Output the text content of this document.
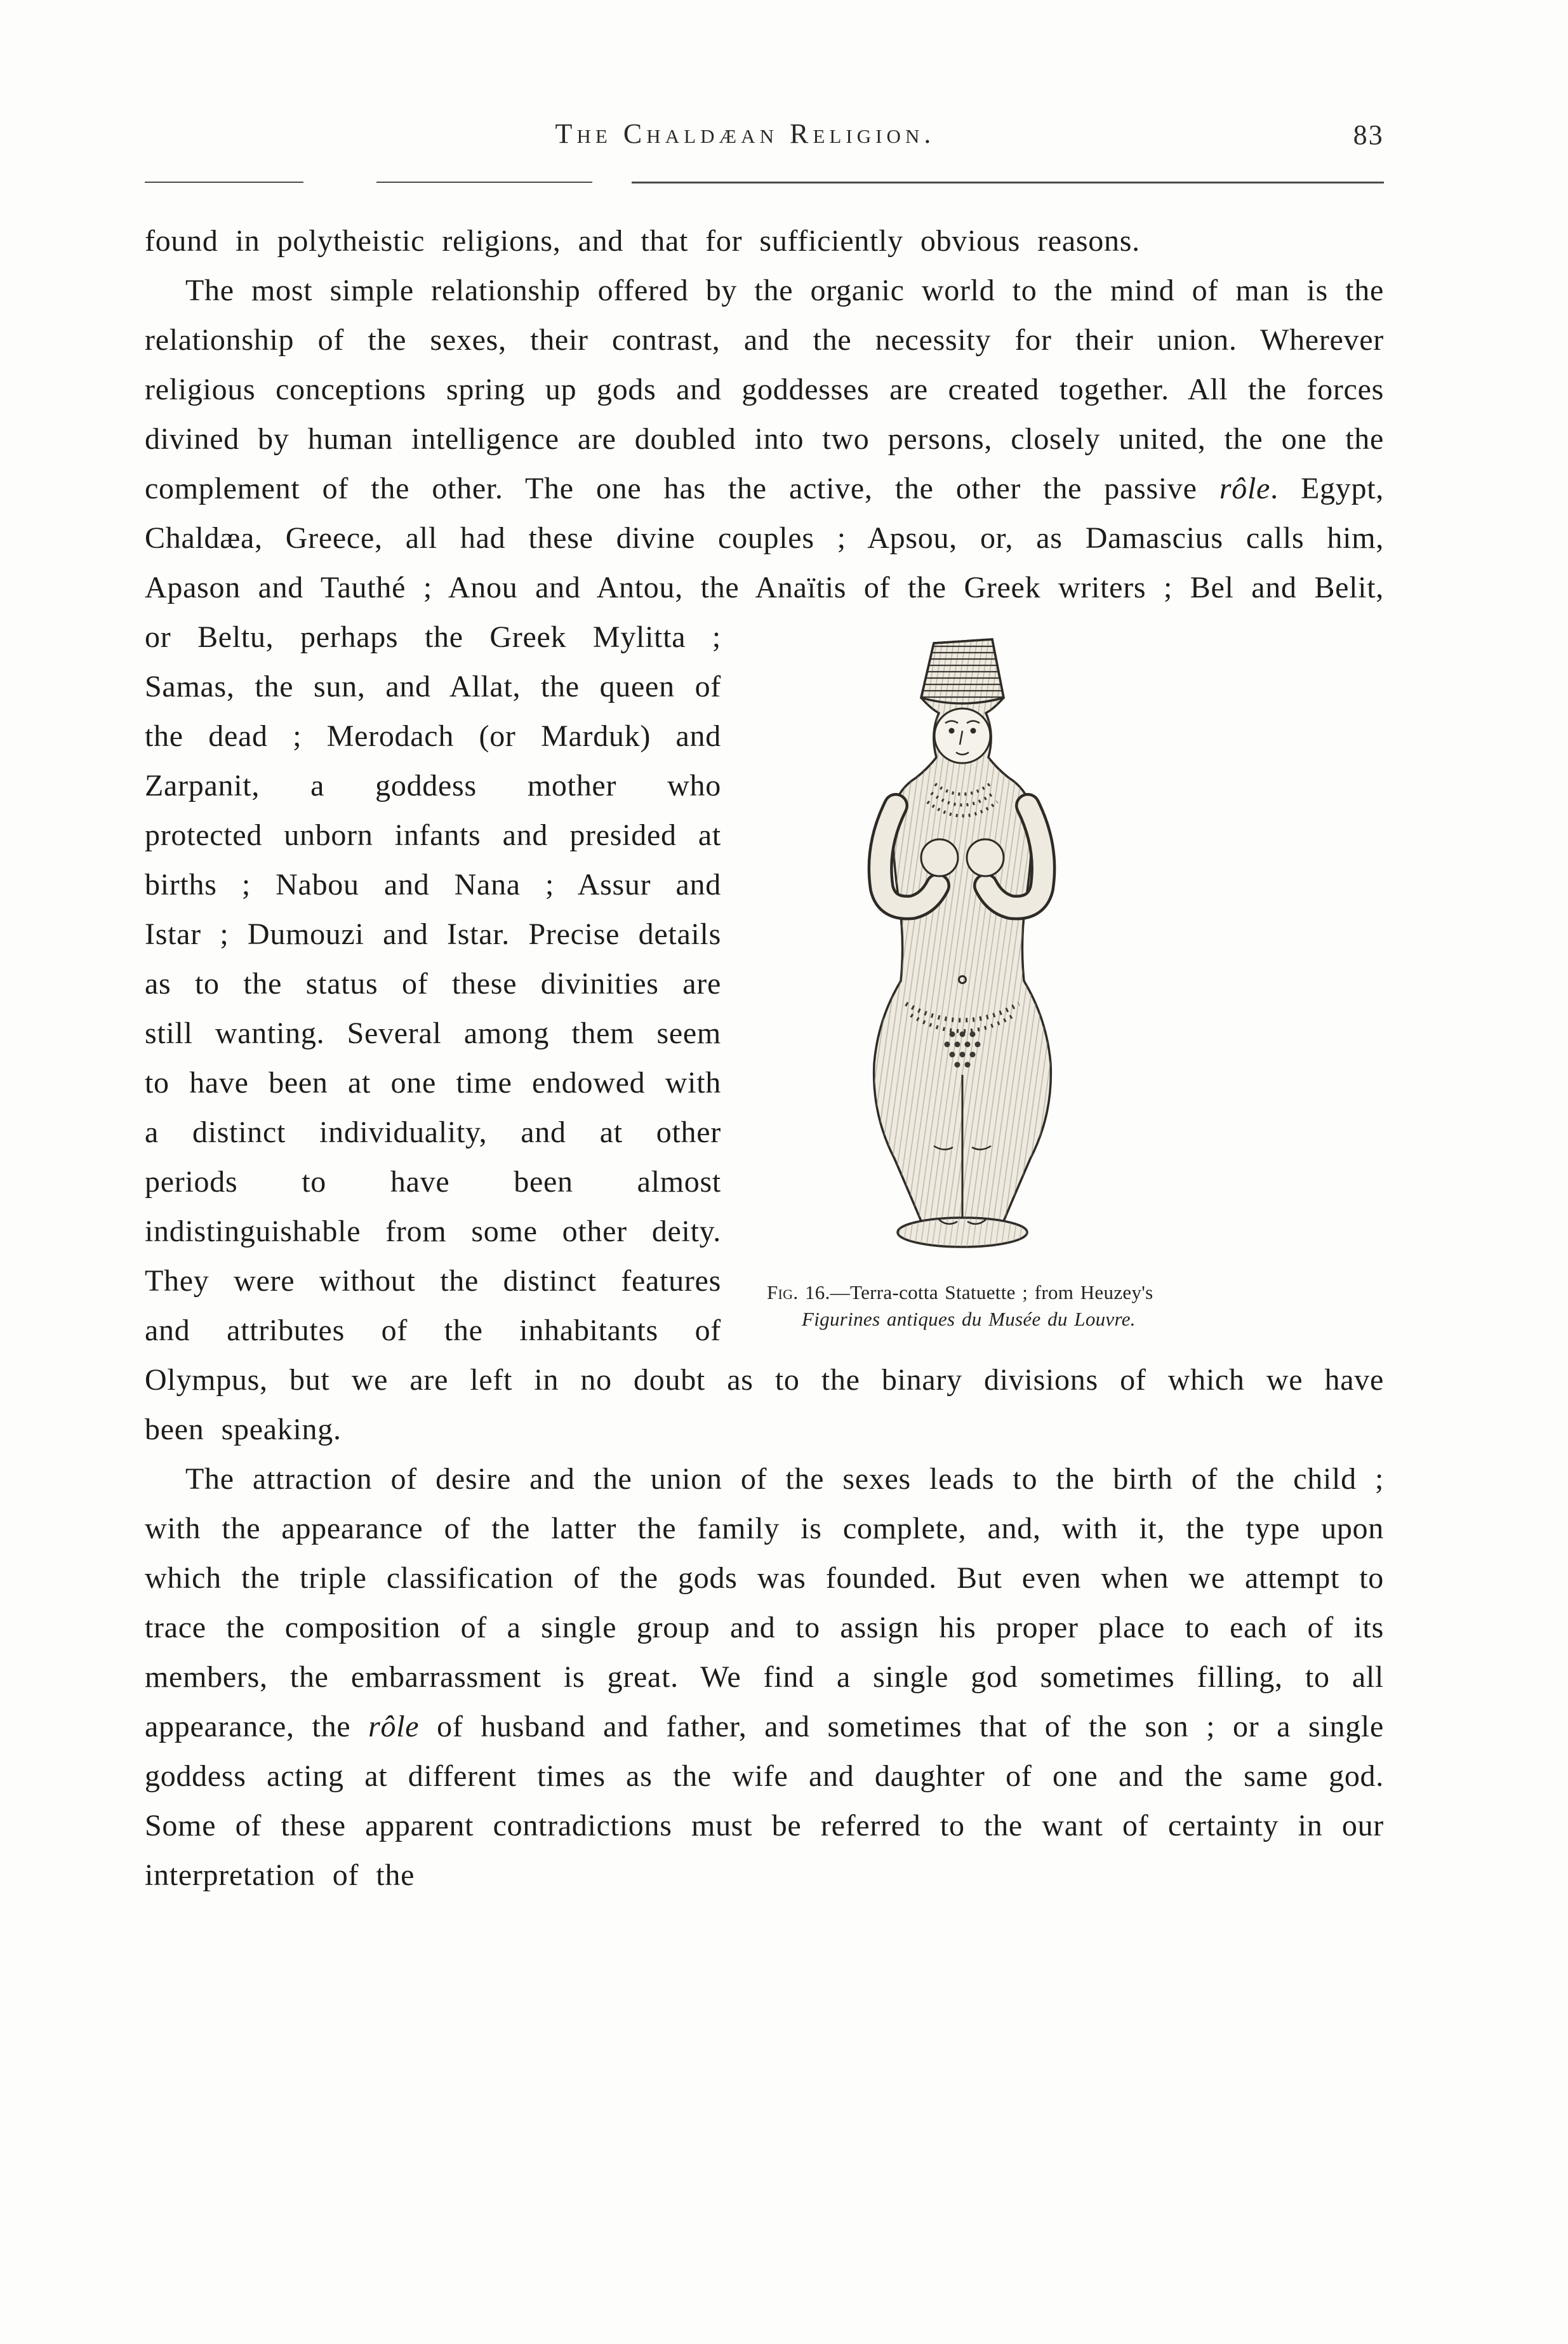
The Chaldæan Religion.	83

found in polytheistic religions, and that for sufficiently obvious reasons.

The most simple relationship offered by the organic world to the mind of man is the relationship of the sexes, their contrast, and the necessity for their union. Wherever religious conceptions spring up gods and goddesses are created together. All the forces divined by human intelligence are doubled into two persons, closely united, the one the complement of the other. The one has the active, the other the passive rôle. Egypt, Chaldæa, Greece, all had these divine couples ; Apsou, or, as Damascius calls him, Apason and Tauthé ; Anou and Antou, the Anaïtis of the
Fig. 16.—Terra-cotta Statuette ; from Heuzey's Figurines antiques du Musée du Louvre.
Greek writers ; Bel and Belit, or Beltu, perhaps the Greek Mylitta ; Samas, the sun, and Allat, the queen of the dead ; Merodach (or Marduk) and Zarpanit, a goddess mother who protected unborn infants and presided at births ; Nabou and Nana ; Assur and Istar ; Dumouzi and Istar. Precise details as to the status of these divinities are still wanting. Several among them seem to have been at one time endowed with a distinct individuality, and at other periods to have been almost indistinguishable from some other deity. They were without the distinct features and attributes of the inhabitants of Olympus, but we are left in no doubt as to the binary divisions of which we have been speaking.

The attraction of desire and the union of the sexes leads to the birth of the child ; with the appearance of the latter the family is complete, and, with it, the type upon which the triple classification of the gods was founded. But even when we attempt to trace the composition of a single group and to assign his proper place to each of its members, the embarrassment is great. We find a single god sometimes filling, to all appearance, the rôle of husband and father, and sometimes that of the son ; or a single goddess acting at different times as the wife and daughter of one and the same god. Some of these apparent contradictions must be referred to the want of certainty in our interpretation of the
